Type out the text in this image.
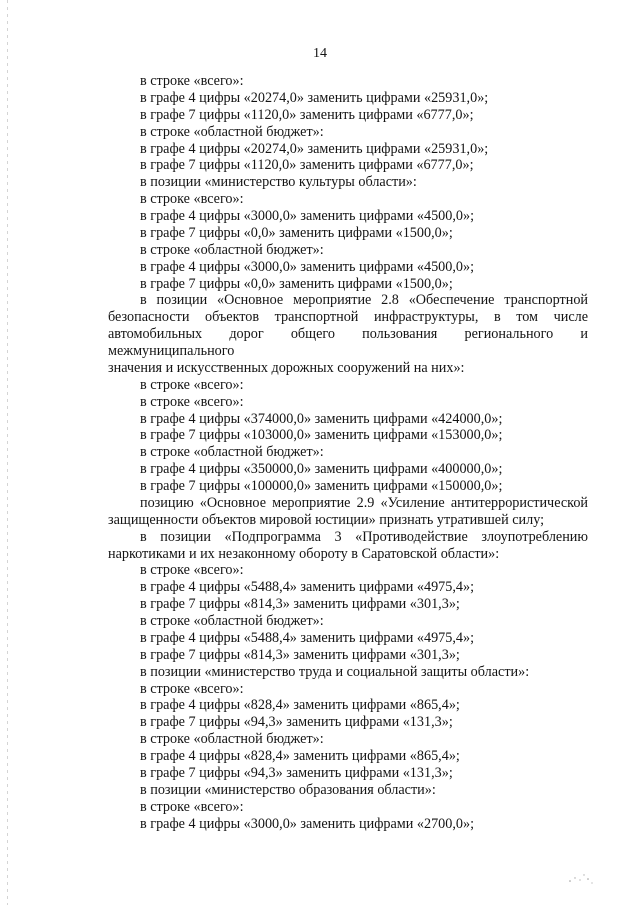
14
в строке «всего»:
в графе 4 цифры «20274,0» заменить цифрами «25931,0»;
в графе 7 цифры «1120,0» заменить цифрами «6777,0»;
в строке «областной бюджет»:
в графе 4 цифры «20274,0» заменить цифрами «25931,0»;
в графе 7 цифры «1120,0» заменить цифрами «6777,0»;
в позиции «министерство культуры области»:
в строке «всего»:
в графе 4 цифры «3000,0» заменить цифрами «4500,0»;
в графе 7 цифры «0,0» заменить цифрами «1500,0»;
в строке «областной бюджет»:
в графе 4 цифры «3000,0» заменить цифрами «4500,0»;
в графе 7 цифры «0,0» заменить цифрами «1500,0»;
в позиции «Основное мероприятие 2.8 «Обеспечение транспортной
безопасности объектов транспортной инфраструктуры, в том числе
автомобильных дорог общего пользования регионального и межмуниципального
значения и искусственных дорожных сооружений на них»:
в строке «всего»:
в строке «всего»:
в графе 4 цифры «374000,0» заменить цифрами «424000,0»;
в графе 7 цифры «103000,0» заменить цифрами «153000,0»;
в строке «областной бюджет»:
в графе 4 цифры «350000,0» заменить цифрами «400000,0»;
в графе 7 цифры «100000,0» заменить цифрами «150000,0»;
позицию «Основное мероприятие 2.9 «Усиление антитеррористической
защищенности объектов мировой юстиции» признать утратившей силу;
в позиции «Подпрограмма 3 «Противодействие злоупотреблению
наркотиками и их незаконному обороту в Саратовской области»:
в строке «всего»:
в графе 4 цифры «5488,4» заменить цифрами «4975,4»;
в графе 7 цифры «814,3» заменить цифрами «301,3»;
в строке «областной бюджет»:
в графе 4 цифры «5488,4» заменить цифрами «4975,4»;
в графе 7 цифры «814,3» заменить цифрами «301,3»;
в позиции «министерство труда и социальной защиты области»:
в строке «всего»:
в графе 4 цифры «828,4» заменить цифрами «865,4»;
в графе 7 цифры «94,3» заменить цифрами «131,3»;
в строке «областной бюджет»:
в графе 4 цифры «828,4» заменить цифрами «865,4»;
в графе 7 цифры «94,3» заменить цифрами «131,3»;
в позиции «министерство образования области»:
в строке «всего»:
в графе 4 цифры «3000,0» заменить цифрами «2700,0»;
